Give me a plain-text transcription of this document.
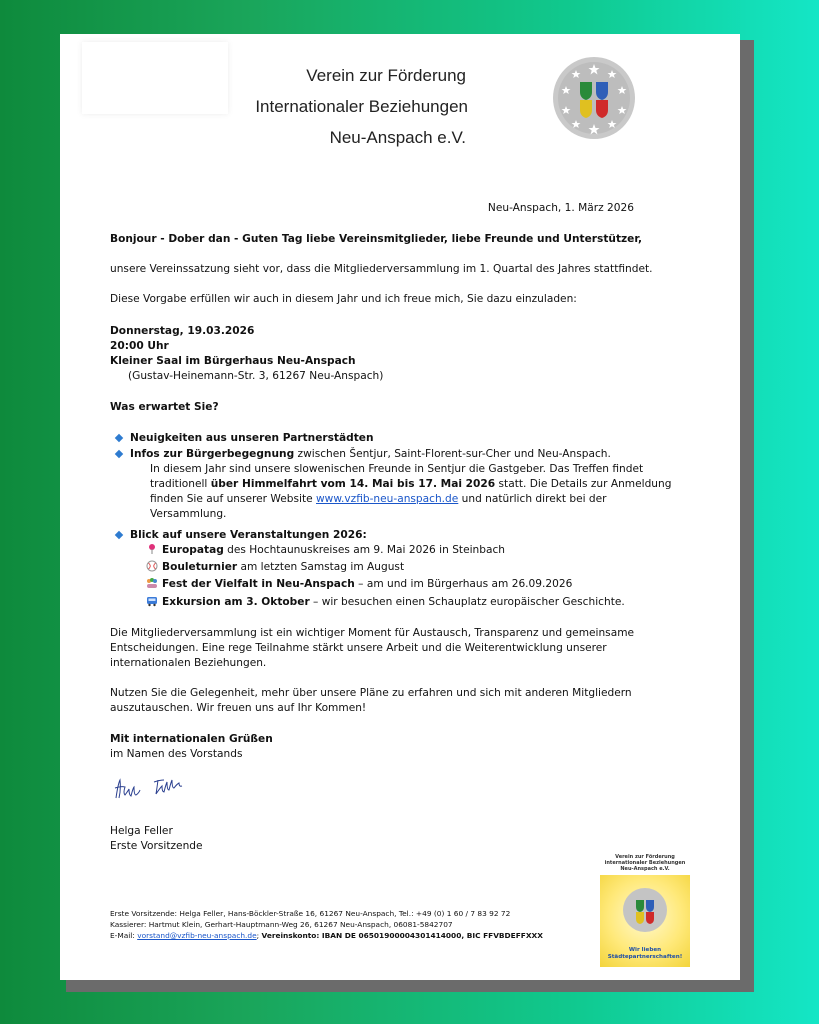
Verein zur Förderung
Internationaler Beziehungen
Neu-Anspach e.V.
Neu-Anspach, 1. März 2026
Bonjour - Dober dan - Guten Tag liebe Vereinsmitglieder, liebe Freunde und Unterstützer,
unsere Vereinssatzung sieht vor, dass die Mitgliederversammlung im 1. Quartal des Jahres stattfindet.
Diese Vorgabe erfüllen wir auch in diesem Jahr und ich freue mich, Sie dazu einzuladen:
Donnerstag, 19.03.2026
20:00 Uhr
Kleiner Saal im Bürgerhaus Neu-Anspach
(Gustav-Heinemann-Str. 3, 61267 Neu-Anspach)
Was erwartet Sie?
Neuigkeiten aus unseren Partnerstädten
Infos zur Bürgerbegegnung zwischen Šentjur, Saint-Florent-sur-Cher und Neu-Anspach.
In diesem Jahr sind unsere slowenischen Freunde in Sentjur die Gastgeber. Das Treffen findet
traditionell über Himmelfahrt vom 14. Mai bis 17. Mai 2026 statt. Die Details zur Anmeldung
finden Sie auf unserer Website www.vzfib-neu-anspach.de und natürlich direkt bei der
Versammlung.
Blick auf unsere Veranstaltungen 2026:
Europatag des Hochtaunuskreises am 9. Mai 2026 in Steinbach
Bouleturnier am letzten Samstag im August
Fest der Vielfalt in Neu-Anspach – am und im Bürgerhaus am 26.09.2026
Exkursion am 3. Oktober – wir besuchen einen Schauplatz europäischer Geschichte.
Die Mitgliederversammlung ist ein wichtiger Moment für Austausch, Transparenz und gemeinsame
Entscheidungen. Eine rege Teilnahme stärkt unsere Arbeit und die Weiterentwicklung unserer
internationalen Beziehungen.
Nutzen Sie die Gelegenheit, mehr über unsere Pläne zu erfahren und sich mit anderen Mitgliedern
auszutauschen. Wir freuen uns auf Ihr Kommen!
Mit internationalen Grüßen
im Namen des Vorstands
Helga Feller
Erste Vorsitzende
Verein zur Förderung internationaler Beziehungen Neu-Anspach e.V.
Wir lieben
Städtepartnerschaften!
Erste Vorsitzende: Helga Feller, Hans-Böckler-Straße 16, 61267 Neu-Anspach, Tel.: +49 (0) 1 60 / 7 83 92 72
Kassierer: Hartmut Klein, Gerhart-Hauptmann-Weg 26, 61267 Neu-Anspach, 06081-5842707
E-Mail: vorstand@vzfib-neu-anspach.de; Vereinskonto: IBAN DE 06501900004301414000, BIC FFVBDEFFXXX
